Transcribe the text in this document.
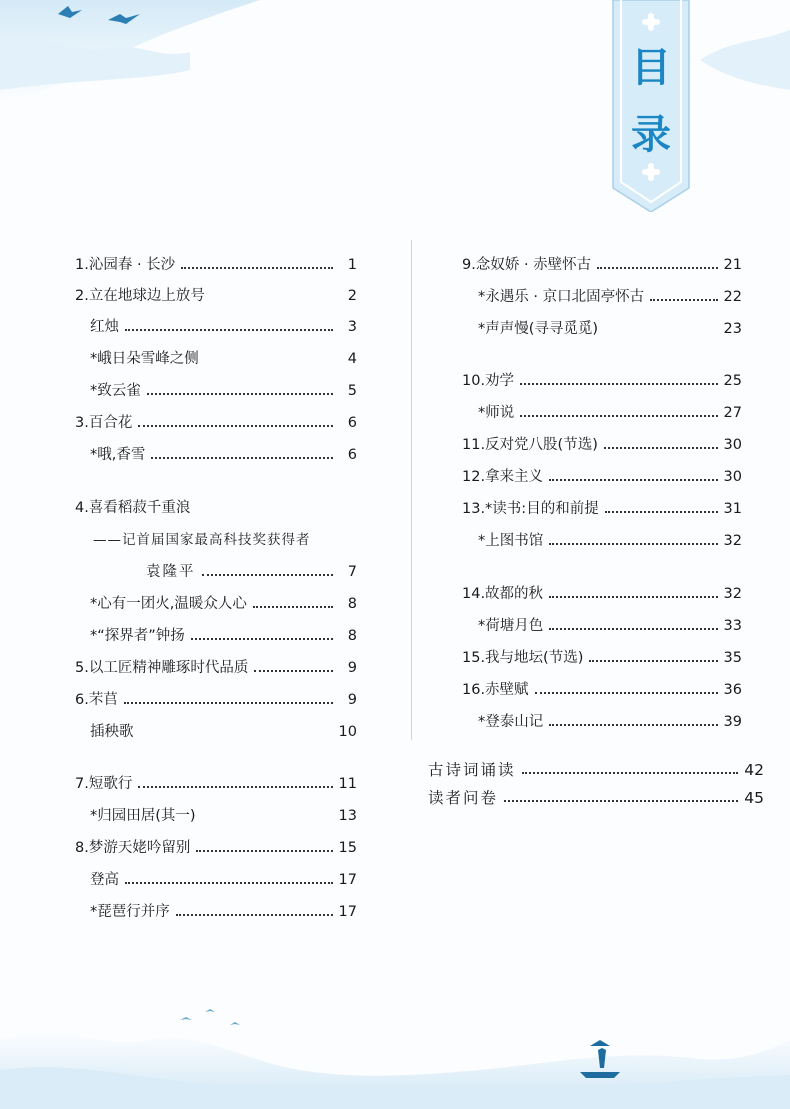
目
录
1.沁园春 · 长沙	1
2.立在地球边上放号	2
红烛	3
*峨日朵雪峰之侧	4
*致云雀	5
3.百合花	6
*哦,香雪	6
4.喜看稻菽千重浪
——记首届国家最高科技奖获得者
袁隆平	7
*心有一团火,温暖众人心	8
*“探界者”钟扬	8
5.以工匠精神雕琢时代品质	9
6.芣苢	9
插秧歌	10
7.短歌行	11
*归园田居(其一)	13
8.梦游天姥吟留别	15
登高	17
*琵琶行并序	17
9.念奴娇 · 赤壁怀古	21
*永遇乐 · 京口北固亭怀古	22
*声声慢(寻寻觅觅)	23
10.劝学	25
*师说	27
11.反对党八股(节选)	30
12.拿来主义	30
13.*读书:目的和前提	31
*上图书馆	32
14.故都的秋	32
*荷塘月色	33
15.我与地坛(节选)	35
16.赤壁赋	36
*登泰山记	39
古诗词诵读	42
读者问卷	45
